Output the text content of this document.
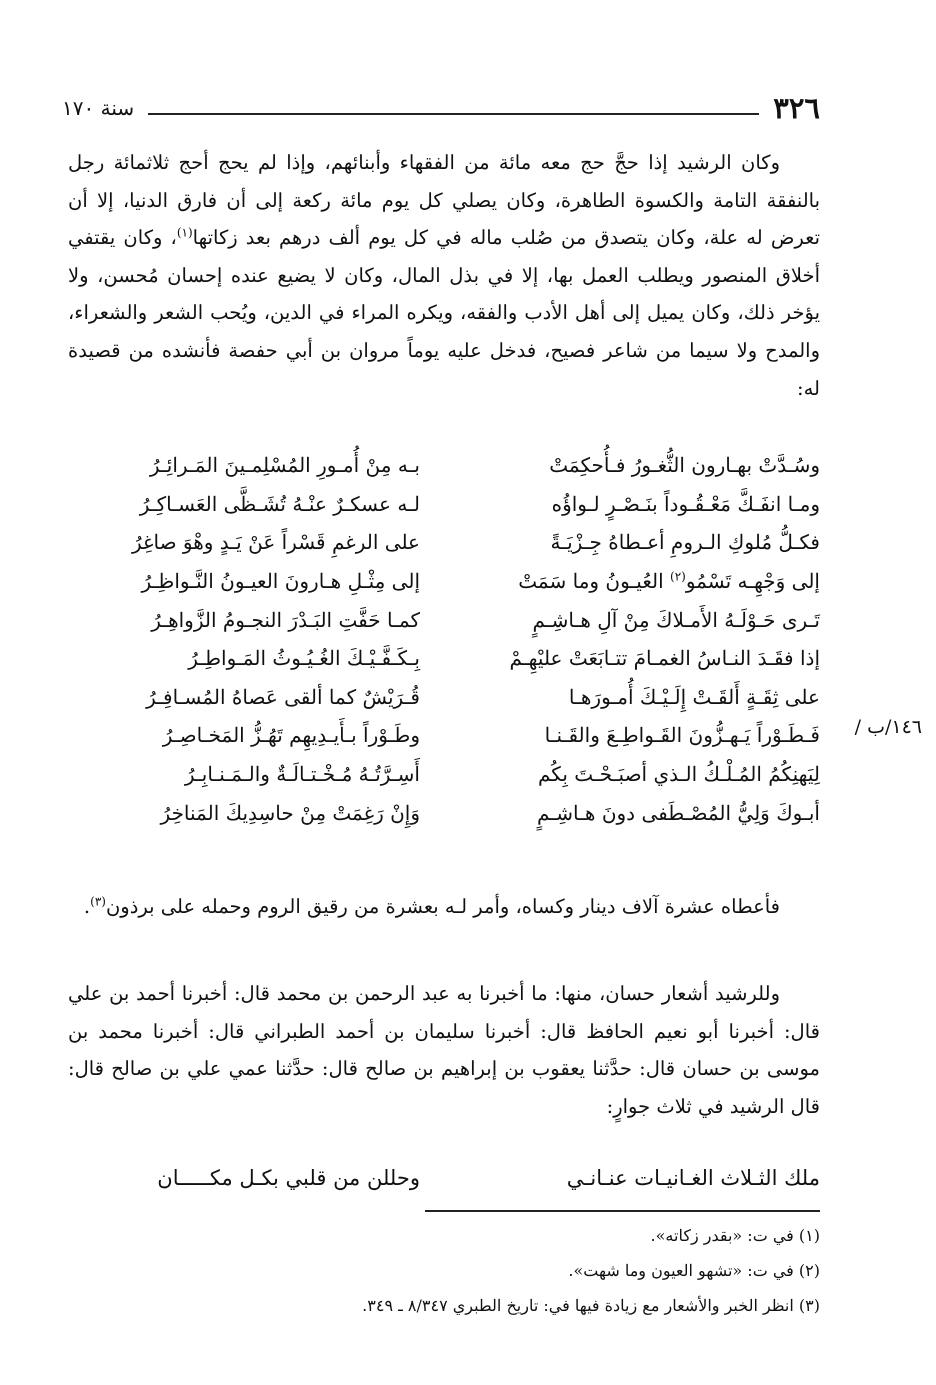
٣٢٦
سنة ١٧٠

وكان الرشيد إذا حجَّ حج معه مائة من الفقهاء وأبنائهم، وإذا لم يحج أحج ثلاثمائة رجل بالنفقة التامة والكسوة الطاهرة، وكان يصلي كل يوم مائة ركعة إلى أن فارق الدنيا، إلا أن تعرض له علة، وكان يتصدق من صُلب ماله في كل يوم ألف درهم بعد زكاتها$^{(١)}$، وكان يقتفي أخلاق المنصور ويطلب العمل بها، إلا في بذل المال، وكان لا يضيع عنده إحسان مُحسن، ولا يؤخر ذلك، وكان يميل إلى أهل الأدب والفقه، ويكره المراء في الدين، ويُحب الشعر والشعراء، والمدح ولا سيما من شاعر فصيح، فدخل عليه يوماً مروان بن أبي حفصة فأنشده من قصيدة له:

وسُـدَّتْ بهـارون الثُّغـورُ فـأُحكِمَتْ
بـه مِنْ أُمـورِ المُسْلِمـينَ المَـرائِـرُ
ومـا انفَـكَّ مَعْـقُـوداً بنَـصْـرٍ لـواؤُه
لـه عسكـرٌ عنْـهُ تُشَـظَّى العَسـاكِـرُ
فكـلُّ مُلوكِ الـرومِ أعـطاهُ جِـزْيَـةً
على الرغمِ قَسْراً عَنْ يَـدٍ وهْوَ صاغِرُ
إلى وَجْهِـه تَسْمُو$^{(٢)}$ العُيـونُ وما سَمَتْ
إلى مِثْـلِ هـارونَ العيـونُ النَّـواظِـرُ
تَـرى حَـوْلَـهُ الأَمـلاكَ مِنْ آلِ هـاشِـمٍ
كمـا حَفَّتِ البَـدْرَ النجـومُ الزَّواهِـرُ
إذا فقَـدَ النـاسُ الغمـامَ تتـابَعَتْ عليْهِـمْ
بِـكَـفَّـيْـكَ الغُـيُـوثُ المَـواطِـرُ
على ثِقَـةٍ أَلقَـتْ إِلَـيْـكَ أُمـورَهـا
قُـرَيْشٌ كما ألقى عَصاهُ المُسـافِـرُ
فَـطَـوْراً يَـهـزُّونَ القَـواطِـعَ والقَـنـا
وطَـوْراً بـأَيـدِيهِم تَهُـزُّ المَخـاصِـرُ
لِيَهنِكُمُ المُـلْـكُ الـذي أصبَـحْـتَ بِكُم
أَسِـرَّتُـهُ مُـخْـتـالَـةٌ والـمَـنـابِـرُ
أبـوكَ وَلِيُّ المُصْـطَفى دونَ هـاشِـمٍ
وَإِنْ رَغِمَتْ مِنْ حاسِدِيكَ المَناخِرُ
١٤٦/ب /

فأعطاه عشرة آلاف دينار وكساه، وأمر لـه بعشرة من رقيق الروم وحمله على برذون$^{(٣)}$.

وللرشيد أشعار حسان، منها: ما أخبرنا به عبد الرحمن بن محمد قال: أخبرنا أحمد بن علي قال: أخبرنا أبو نعيم الحافظ قال: أخبرنا سليمان بن أحمد الطبراني قال: أخبرنا محمد بن موسى بن حسان قال: حدَّثنا يعقوب بن إبراهيم بن صالح قال: حدَّثنا عمي علي بن صالح قال: قال الرشيد في ثلاث جوارٍ:

ملك الثـلاث الغـانيـات عنـانـي
وحللن من قلبي بكـل مكـــــان
(١) في ت: «بقدر زكاته».
(٢) في ت: «تشهو العيون وما شهت».
(٣) انظر الخبر والأشعار مع زيادة فيها في: تاريخ الطبري ٨/٣٤٧ ـ ٣٤٩.
